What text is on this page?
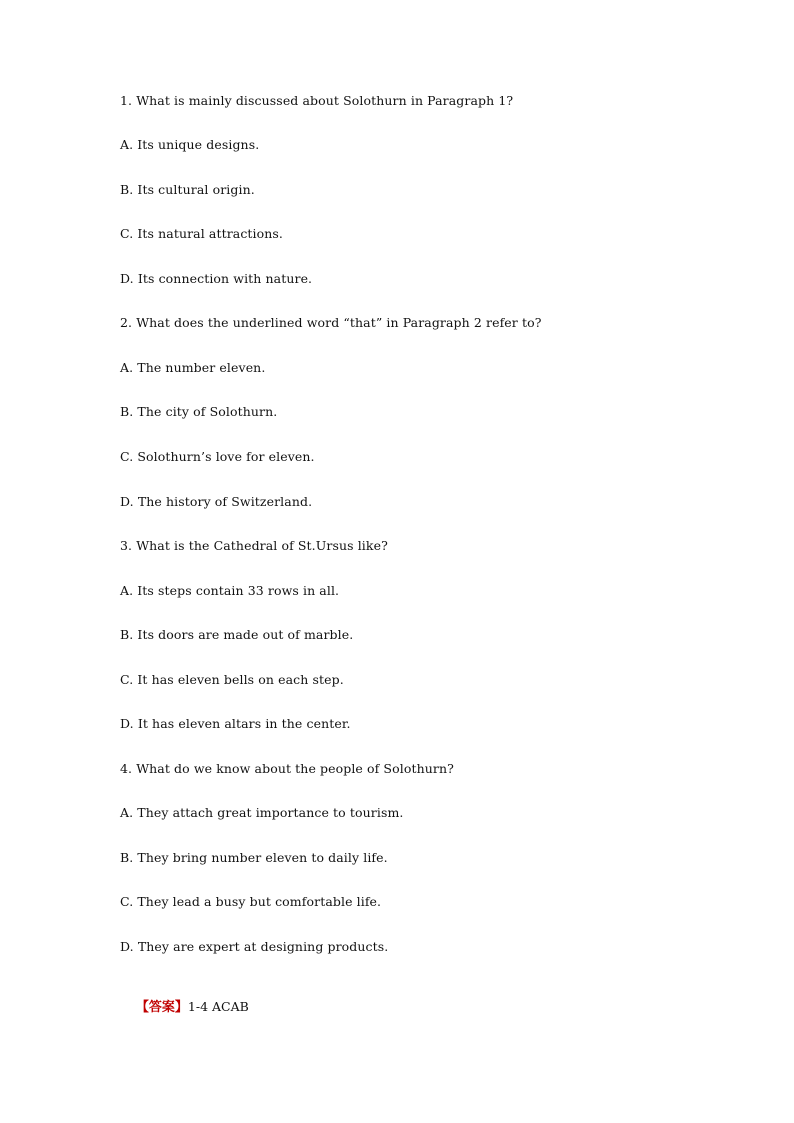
1. What is mainly discussed about Solothurn in Paragraph 1?
A. Its unique designs.
B. Its cultural origin.
C. Its natural attractions.
D. Its connection with nature.
2. What does the underlined word “that” in Paragraph 2 refer to?
A. The number eleven.
B. The city of Solothurn.
C. Solothurn’s love for eleven.
D. The history of Switzerland.
3. What is the Cathedral of St.Ursus like?
A. Its steps contain 33 rows in all.
B. Its doors are made out of marble.
C. It has eleven bells on each step.
D. It has eleven altars in the center.
4. What do we know about the people of Solothurn?
A. They attach great importance to tourism.
B. They bring number eleven to daily life.
C. They lead a busy but comfortable life.
D. They are expert at designing products.

【答案】1-4 ACAB
